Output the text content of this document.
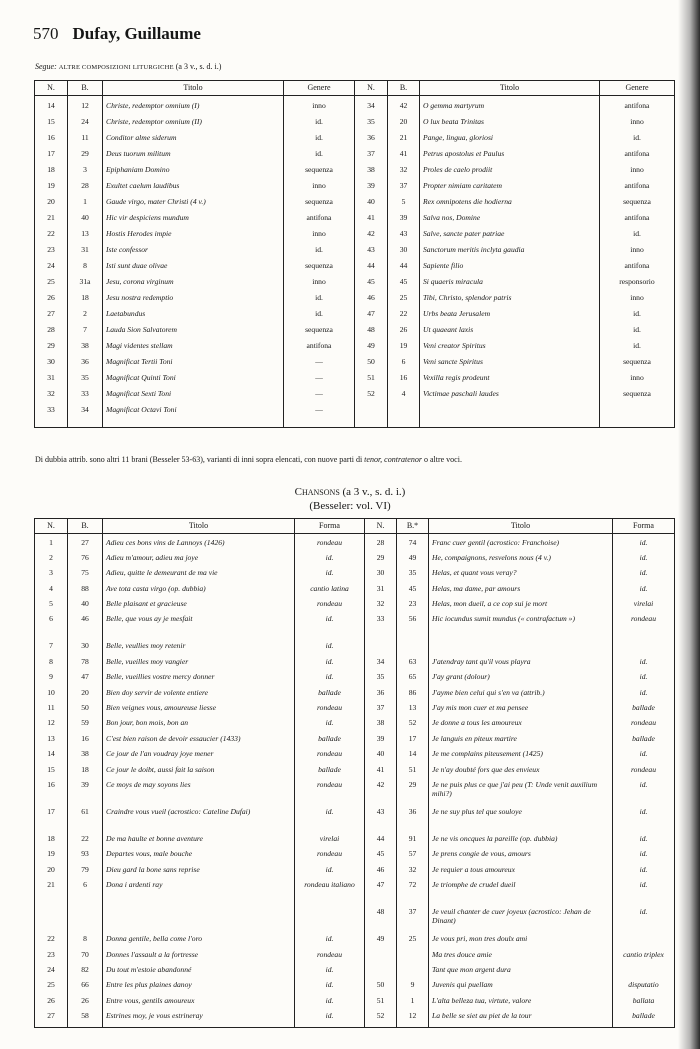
570 Dufay, Guillaume
Segue: ALTRE COMPOSIZIONI LITURGICHE (a 3 v., s. d. i.)
N.	B.	Titolo	Genere	N.	B.	Titolo	Genere

14	12	Christe, redemptor omnium (I)	inno	34	42	O gemma martyrum	antifona
15	24	Christe, redemptor omnium (II)	id.	35	20	O lux beata Trinitas	inno
16	11	Conditor alme siderum	id.	36	21	Pange, lingua, gloriosi	id.
17	29	Deus tuorum militum	id.	37	41	Petrus apostolus et Paulus	antifona
18	3	Epiphaniam Domino	sequenza	38	32	Proles de caelo prodiit	inno
19	28	Exultet caelum laudibus	inno	39	37	Propter nimiam caritatem	antifona
20	1	Gaude virgo, mater Christi (4 v.)	sequenza	40	5	Rex omnipotens die hodierna	sequenza
21	40	Hic vir despiciens mundum	antifona	41	39	Salva nos, Domine	antifona
22	13	Hostis Herodes impie	inno	42	43	Salve, sancte pater patriae	id.
23	31	Iste confessor	id.	43	30	Sanctorum meritis inclyta gaudia	inno
24	8	Isti sunt duae olivae	sequenza	44	44	Sapiente filio	antifona
25	31a	Jesu, corona virginum	inno	45	45	Si quaeris miracula	responsorio
26	18	Jesu nostra redemptio	id.	46	25	Tibi, Christo, splendor patris	inno
27	2	Laetabundus	id.	47	22	Urbs beata Jerusalem	id.
28	7	Lauda Sion Salvatorem	sequenza	48	26	Ut quaeant laxis	id.
29	38	Magi videntes stellam	antifona	49	19	Veni creator Spiritus	id.
30	36	Magnificat Tertii Toni	—	50	6	Veni sancte Spiritus	sequenza
31	35	Magnificat Quinti Toni	—	51	16	Vexilla regis prodeunt	inno
32	33	Magnificat Sexti Toni	—	52	4	Victimae paschali laudes	sequenza
33	34	Magnificat Octavi Toni	—				
Di dubbia attrib. sono altri 11 brani (Besseler 53-63), varianti di inni sopra elencati, con nuove parti di tenor, contratenor o altre voci.
Chansons (a 3 v., s. d. i.)
(Besseler: vol. VI)
N.	B.	Titolo	Forma	N.	B.*	Titolo	Forma

1	27	Adieu ces bons vins de Lannoys (1426)	rondeau	28	74	Franc cuer gentil (acrostico: Franchoise)	id.
2	76	Adieu m'amour, adieu ma joye	id.	29	49	He, compaignons, resvelons nous (4 v.)	id.
3	75	Adieu, quitte le demeurant de ma vie	id.	30	35	Helas, et quant vous veray?	id.
4	88	Ave tota casta virgo (op. dubbia)	cantio latina	31	45	Helas, ma dame, par amours	id.
5	40	Belle plaisant et gracieuse	rondeau	32	23	Helas, mon dueil, a ce cop sui je mort	virelai
6	46	Belle, que vous ay je mesfait	id.	33	56	Hic iocundus sumit mundus (« contrafactum »)	rondeau
7	30	Belle, veullies moy retenir	id.				
8	78	Belle, vueilles moy vangier	id.	34	63	J'atendray tant qu'il vous playra	id.
9	47	Belle, vueillies vostre mercy donner	id.	35	65	J'ay grant (dolour)	id.
10	20	Bien doy servir de volente entiere	ballade	36	86	J'ayme bien celui qui s'en va (attrib.)	id.
11	50	Bien veignes vous, amoureuse liesse	rondeau	37	13	J'ay mis mon cuer et ma pensee	ballade
12	59	Bon jour, bon mois, bon an	id.	38	52	Je donne a tous les amoureux	rondeau
13	16	C'est bien raison de devoir essaucier (1433)	ballade	39	17	Je languis en piteux martire	ballade
14	38	Ce jour de l'an voudray joye mener	rondeau	40	14	Je me complains piteusement (1425)	id.
15	18	Ce jour le doibt, aussi fait la saison	ballade	41	51	Je n'ay doubté fors que des envieux	rondeau
16	39	Ce moys de may soyons lies	rondeau	42	29	Je ne puis plus ce que j'ai peu (T: Unde venit auxilium mihi?)	id.
17	61	Craindre vous vueil (acrostico: Cateline Dufai)	id.	43	36	Je ne suy plus tel que souloye	id.
18	22	De ma haulte et bonne aventure	virelai	44	91	Je ne vis oncques la pareille (op. dubbia)	id.
19	93	Departes vous, male bouche	rondeau	45	57	Je prens congie de vous, amours	id.
20	79	Dieu gard la bone sans reprise	id.	46	32	Je requier a tous amoureux	id.
21	6	Dona i ardenti ray	rondeau italiano	47	72	Je triomphe de crudel dueil	id.
				48	37	Je veuil chanter de cuer joyeux (acrostico: Jehan de Dinant)	id.
22	8	Donna gentile, bella come l'oro	id.	49	25	Je vous pri, mon tres doulx ami	
23	70	Donnes l'assault a la fortresse	rondeau			Ma tres douce amie	cantio triplex
24	82	Du tout m'estoie abandonné	id.			Tant que mon argent dura	
25	66	Entre les plus plaines danoy	id.	50	9	Juvenis qui puellam	disputatio
26	26	Entre vous, gentils amoureux	id.	51	1	L'alta belleza tua, virtute, valore	ballata
27	58	Estrines moy, je vous estrineray	id.	52	12	La belle se siet au piet de la tour	ballade
